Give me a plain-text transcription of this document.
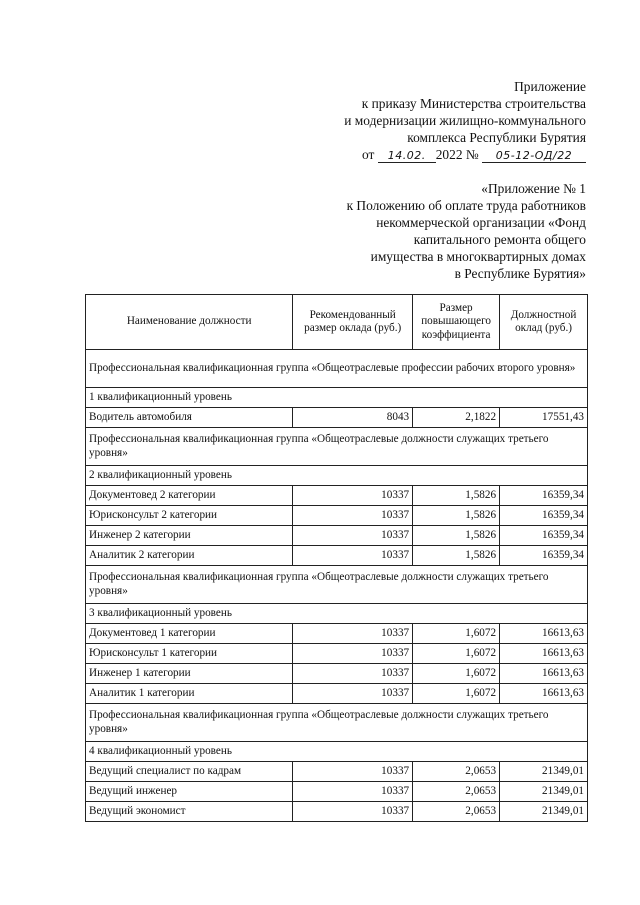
Приложение
к приказу Министерства строительства
и модернизации жилищно-коммунального
комплекса Республики Бурятия
от 14.02. 2022 № 05-12-ОД/22
«Приложение № 1
к Положению об оплате труда работников
некоммерческой организации «Фонд
капитального ремонта общего
имущества в многоквартирных домах
в Республике Бурятия»
Наименование должности	Рекомендованный размер оклада (руб.)	Размер повышающего коэффициента	Должностной оклад (руб.)
Профессиональная квалификационная группа «Общеотраслевые профессии рабочих второго уровня»			
1 квалификационный уровень			
Водитель автомобиля	8043	2,1822	17551,43
Профессиональная квалификационная группа «Общеотраслевые должности служащих третьего уровня»			
2 квалификационный уровень			
Документовед 2 категории	10337	1,5826	16359,34
Юрисконсульт 2 категории	10337	1,5826	16359,34
Инженер 2 категории	10337	1,5826	16359,34
Аналитик 2 категории	10337	1,5826	16359,34
Профессиональная квалификационная группа «Общеотраслевые должности служащих третьего уровня»			
3 квалификационный уровень			
Документовед 1 категории	10337	1,6072	16613,63
Юрисконсульт 1 категории	10337	1,6072	16613,63
Инженер 1 категории	10337	1,6072	16613,63
Аналитик 1 категории	10337	1,6072	16613,63
Профессиональная квалификационная группа «Общеотраслевые должности служащих третьего уровня»			
4 квалификационный уровень			
Ведущий специалист по кадрам	10337	2,0653	21349,01
Ведущий инженер	10337	2,0653	21349,01
Ведущий экономист	10337	2,0653	21349,01
